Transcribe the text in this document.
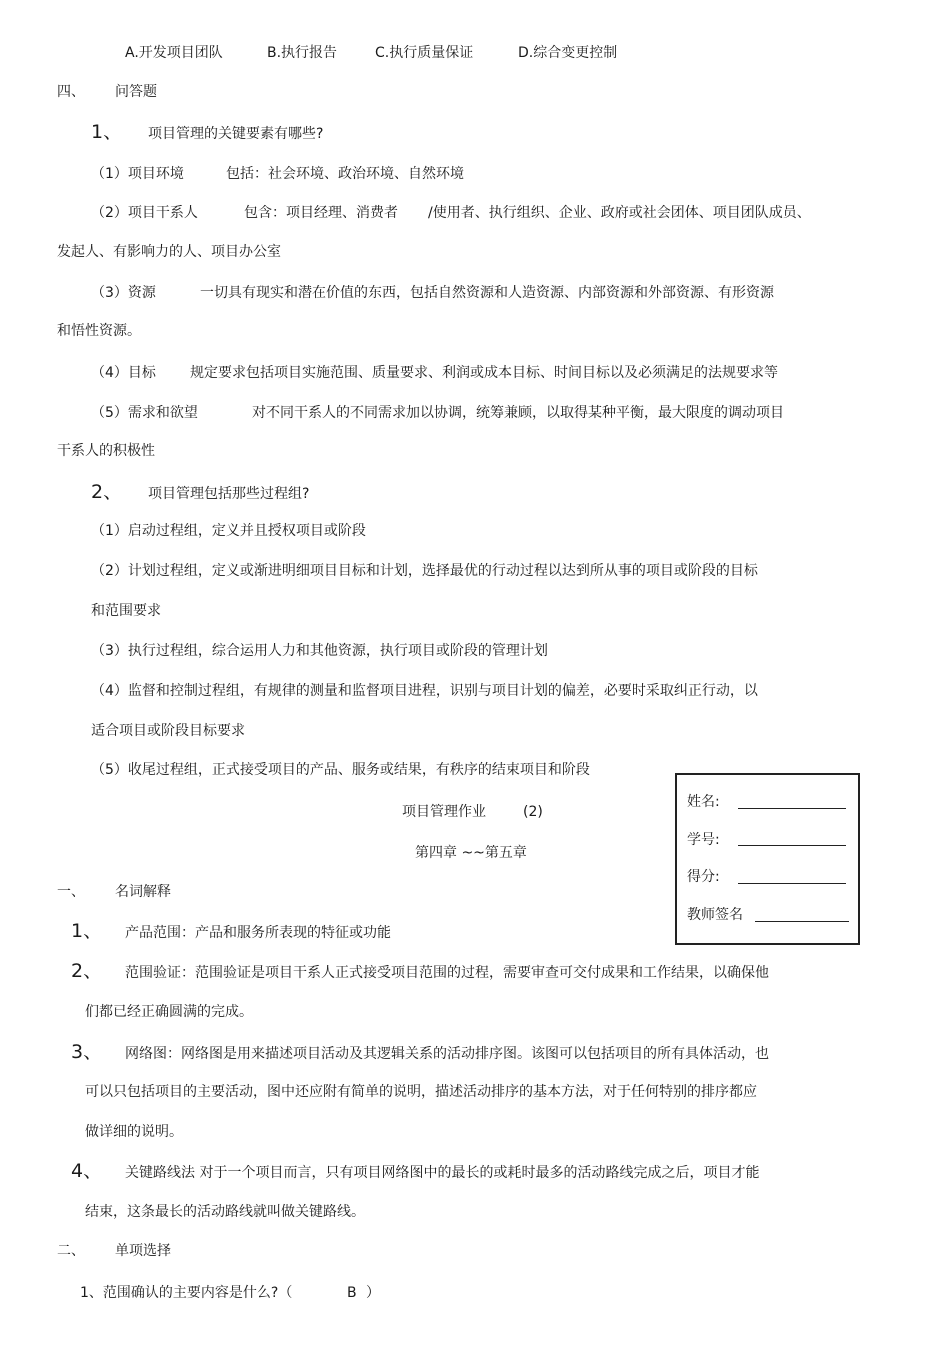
A.开发项目团队	B.执行报告	C.执行质量保证	D.综合变更控制
四、 问答题
1、 项目管理的关键要素有哪些?
（1）项目环境	包括：社会环境、政治环境、自然环境
（2）项目干系人	包含：项目经理、消费者 /使用者、执行组织、企业、政府或社会团体、项目团队成员、
发起人、有影响力的人、项目办公室
（3）资源	一切具有现实和潜在价值的东西，包括自然资源和人造资源、内部资源和外部资源、有形资源
和悟性资源。
（4）目标 规定要求包括项目实施范围、质量要求、利润或成本目标、时间目标以及必须满足的法规要求等
（5）需求和欲望	对不同干系人的不同需求加以协调，统筹兼顾，以取得某种平衡，最大限度的调动项目
干系人的积极性
2、 项目管理包括那些过程组?
（1）启动过程组，定义并且授权项目或阶段
（2）计划过程组，定义或渐进明细项目目标和计划，选择最优的行动过程以达到所从事的项目或阶段的目标
和范围要求
（3）执行过程组，综合运用人力和其他资源，执行项目或阶段的管理计划
（4）监督和控制过程组，有规律的测量和监督项目进程，识别与项目计划的偏差，必要时采取纠正行动，以
适合项目或阶段目标要求
（5）收尾过程组，正式接受项目的产品、服务或结果，有秩序的结束项目和阶段
姓名:
学号:
得分:
教师签名
项目管理作业	(2)
第四章 ~~第五章
一、 名词解释
1、 产品范围：产品和服务所表现的特征或功能
2、 范围验证：范围验证是项目干系人正式接受项目范围的过程，需要审查可交付成果和工作结果，以确保他
们都已经正确圆满的完成。
3、 网络图：网络图是用来描述项目活动及其逻辑关系的活动排序图。该图可以包括项目的所有具体活动，也
可以只包括项目的主要活动，图中还应附有简单的说明，描述活动排序的基本方法，对于任何特别的排序都应
做详细的说明。
4、 关键路线法 对于一个项目而言，只有项目网络图中的最长的或耗时最多的活动路线完成之后，项目才能
结束，这条最长的活动路线就叫做关键路线。
二、 单项选择
1、范围确认的主要内容是什么?（	B ）
